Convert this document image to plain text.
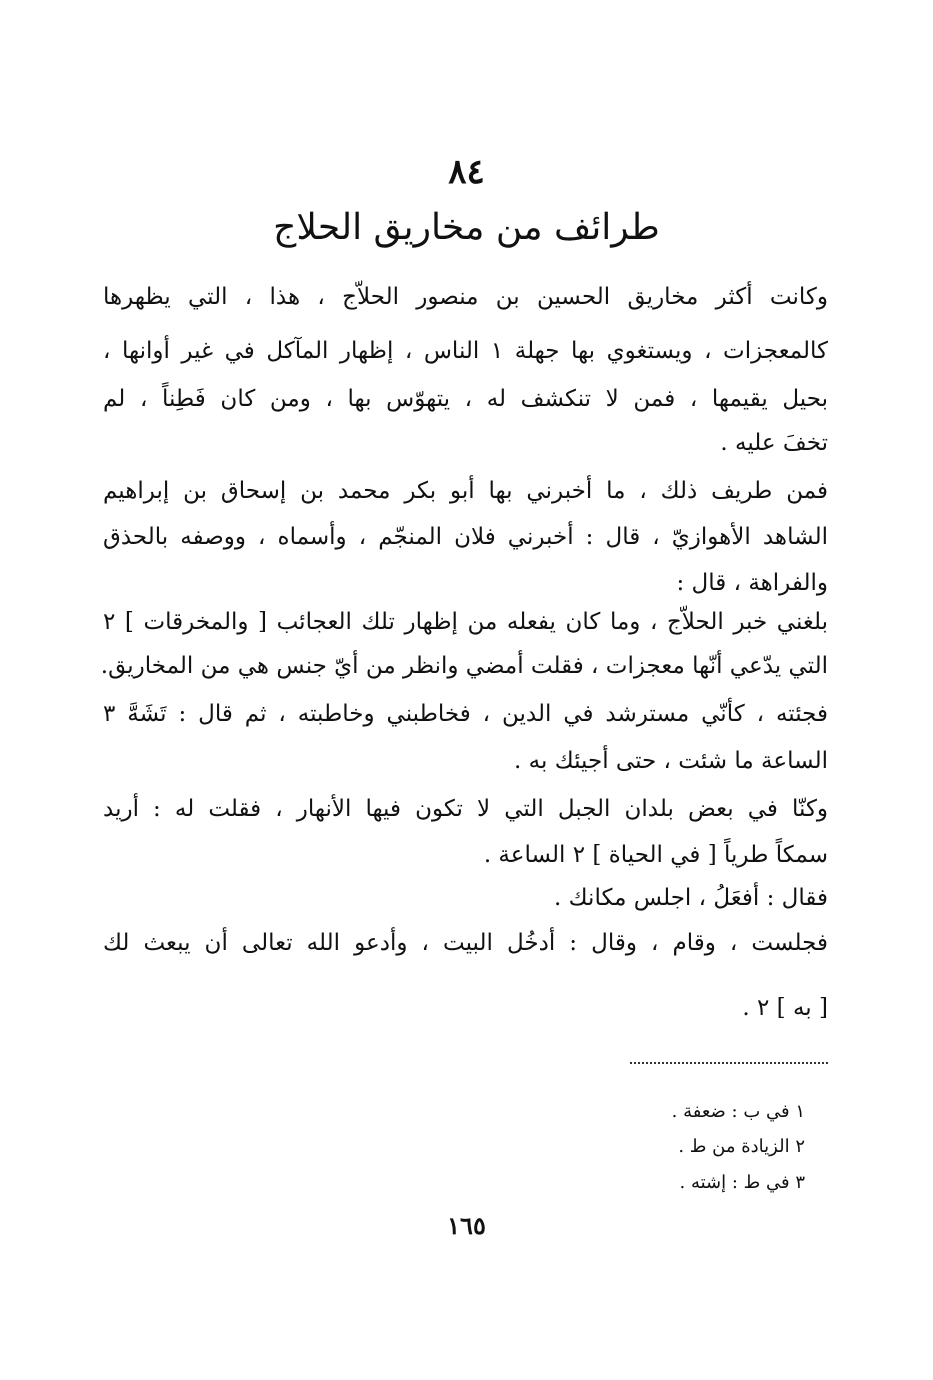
٨٤
طرائف من مخاريق الحلاج
وكانت أكثر مخاريق الحسين بن منصور الحلاّج ، هذا ، التي يظهرها
كالمعجزات ، ويستغوي بها جهلة ١ الناس ، إظهار المآكل في غير أوانها ،
بحيل يقيمها ، فمن لا تنكشف له ، يتهوّس بها ، ومن كان فَطِناً ، لم
تخفَ عليه .
فمن طريف ذلك ، ما أخبرني بها أبو بكر محمد بن إسحاق بن إبراهيم
الشاهد الأهوازيّ ، قال : أخبرني فلان المنجّم ، وأسماه ، ووصفه بالحذق
والفراهة ، قال :
بلغني خبر الحلاّج ، وما كان يفعله من إظهار تلك العجائب [ والمخرقات ] ٢
التي يدّعي أنّها معجزات ، فقلت أمضي وانظر من أيّ جنس هي من المخاريق.
فجئته ، كأنّي مسترشد في الدين ، فخاطبني وخاطبته ، ثم قال : تَشَهَّ ٣
الساعة ما شئت ، حتى أجيئك به .
وكنّا في بعض بلدان الجبل التي لا تكون فيها الأنهار ، فقلت له : أريد
سمكاً طرياً [ في الحياة ] ٢ الساعة .
فقال : أفعَلُ ، اجلس مكانك .
فجلست ، وقام ، وقال : أدخُل البيت ، وأدعو الله تعالى أن يبعث لك
[ به ] ٢ .
١ في ب : ضعفة .
٢ الزيادة من ط .
٣ في ط : إشته .
١٦٥
